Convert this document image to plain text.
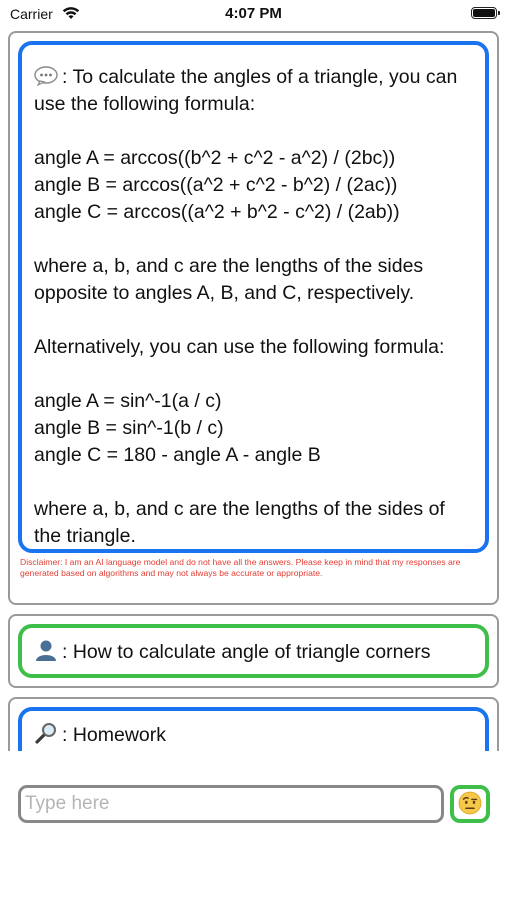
Carrier	4:07 PM

: To calculate the angles of a triangle, you can use the following formula:

angle A = arccos((b^2 + c^2 - a^2) / (2bc))

angle B = arccos((a^2 + c^2 - b^2) / (2ac))

angle C = arccos((a^2 + b^2 - c^2) / (2ab))

where a, b, and c are the lengths of the sides opposite to angles A, B, and C, respectively.

Alternatively, you can use the following formula:

angle A = sin^-1(a / c)

angle B = sin^-1(b / c)

angle C = 180 - angle A - angle B

where a, b, and c are the lengths of the sides of the triangle.

Disclaimer: I am an AI language model and do not have all the answers. Please keep in mind that my responses are generated based on algorithms and may not always be accurate or appropriate.
: How to calculate angle of triangle corners
: Homework
Type here
